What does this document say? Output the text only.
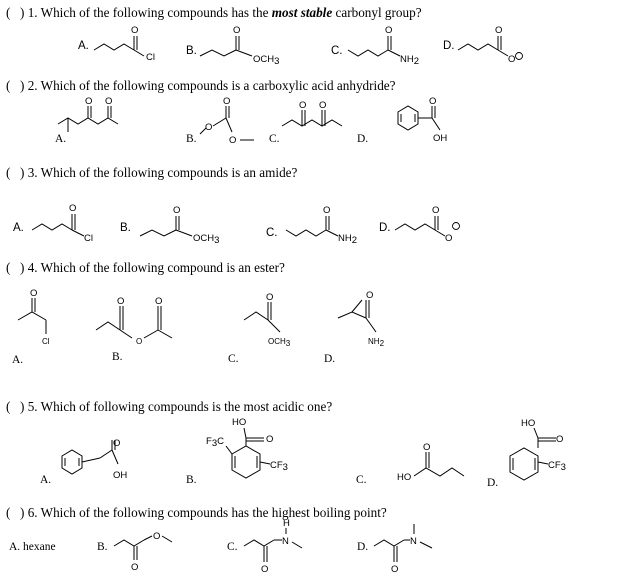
( ) 1. Which of the following compounds has the most stable carbonyl group?
( ) 2. Which of the following compounds is a carboxylic acid anhydride?
( ) 3. Which of the following compounds is an amide?
( ) 4. Which of the following compound is an ester?
( ) 5. Which of following compounds is the most acidic one?
( ) 6. Which of the following compounds has the highest boiling point?
A.	B.	C.	D.
A.	B.	C.	D.
A.	B.	C.	D.
A.	B.	C.	D.
A.	B.	C.	D.
A. hexane	B.	C.	D.
O
Cl
O
OCH3
O
NH2
O
O
O O
O
O
O
O O	O
OH
O
Cl
O
OCH3
O
NH2
O
O
O
Cl
O
O
O	O
OCH3
O
NH2
O
OH
HO
O
F3C
CF3
HO
O
HO
O
CF3
O
O
O
N
H
O
N
